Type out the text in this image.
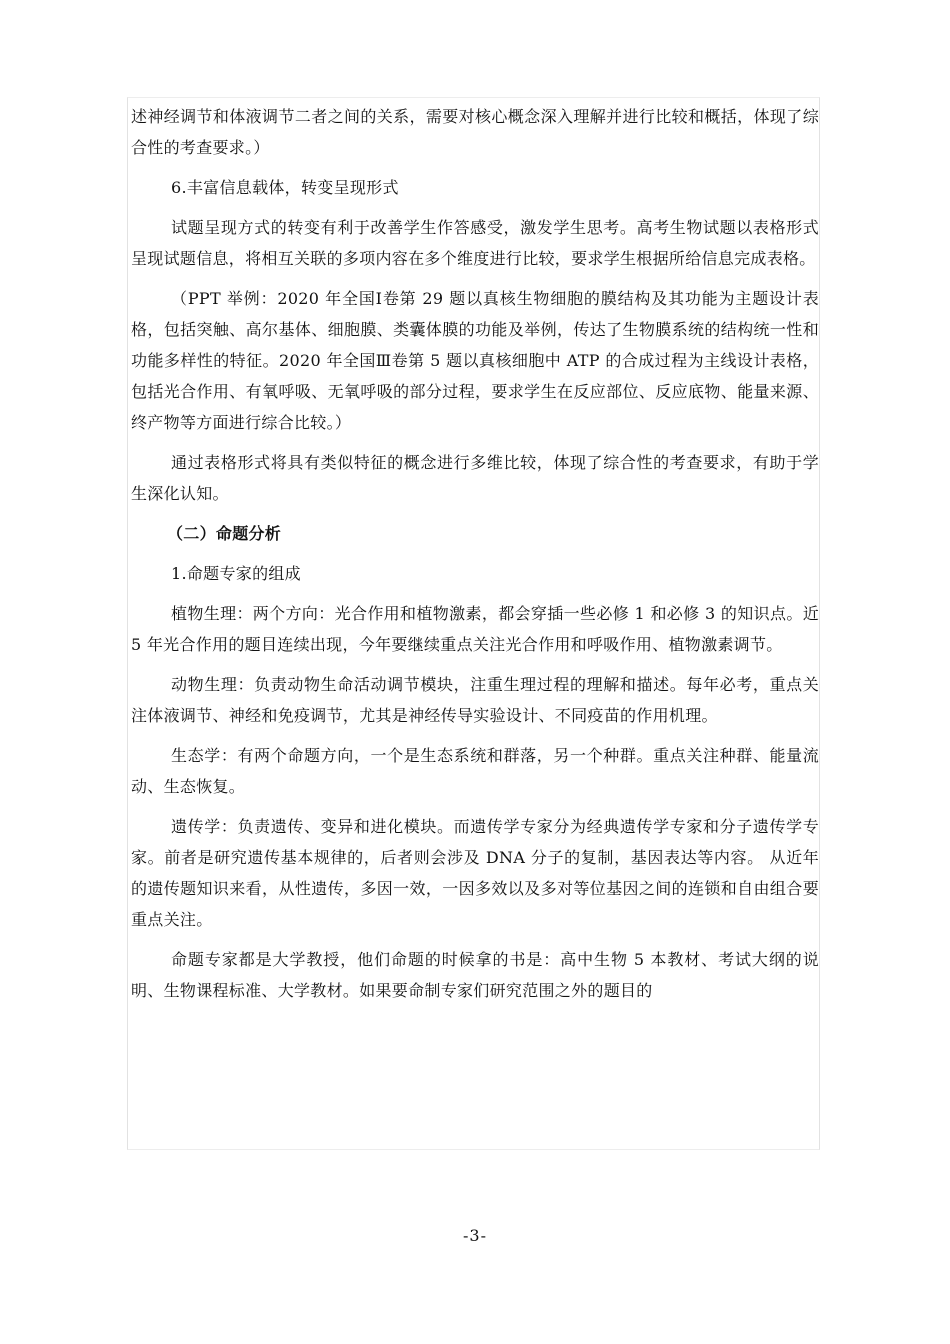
述神经调节和体液调节二者之间的关系，需要对核心概念深入理解并进行比较和概括，体现了综合性的考查要求。）

6.丰富信息载体，转变呈现形式

试题呈现方式的转变有利于改善学生作答感受，激发学生思考。高考生物试题以表格形式呈现试题信息，将相互关联的多项内容在多个维度进行比较，要求学生根据所给信息完成表格。

（PPT 举例：2020 年全国Ⅰ卷第 29 题以真核生物细胞的膜结构及其功能为主题设计表格，包括突触、高尔基体、细胞膜、类囊体膜的功能及举例，传达了生物膜系统的结构统一性和功能多样性的特征。2020 年全国Ⅲ卷第 5 题以真核细胞中 ATP 的合成过程为主线设计表格，包括光合作用、有氧呼吸、无氧呼吸的部分过程，要求学生在反应部位、反应底物、能量来源、终产物等方面进行综合比较。）

通过表格形式将具有类似特征的概念进行多维比较，体现了综合性的考查要求，有助于学生深化认知。

（二）命题分析

1.命题专家的组成

植物生理：两个方向：光合作用和植物激素，都会穿插一些必修 1 和必修 3 的知识点。近 5 年光合作用的题目连续出现，今年要继续重点关注光合作用和呼吸作用、植物激素调节。

动物生理：负责动物生命活动调节模块，注重生理过程的理解和描述。每年必考，重点关注体液调节、神经和免疫调节，尤其是神经传导实验设计、不同疫苗的作用机理。

生态学：有两个命题方向，一个是生态系统和群落，另一个种群。重点关注种群、能量流动、生态恢复。

遗传学：负责遗传、变异和进化模块。而遗传学专家分为经典遗传学专家和分子遗传学专家。前者是研究遗传基本规律的，后者则会涉及 DNA 分子的复制，基因表达等内容。 从近年的遗传题知识来看，从性遗传，多因一效，一因多效以及多对等位基因之间的连锁和自由组合要重点关注。

命题专家都是大学教授，他们命题的时候拿的书是：高中生物 5 本教材、考试大纲的说明、生物课程标准、大学教材。如果要命制专家们研究范围之外的题目的

-3-
